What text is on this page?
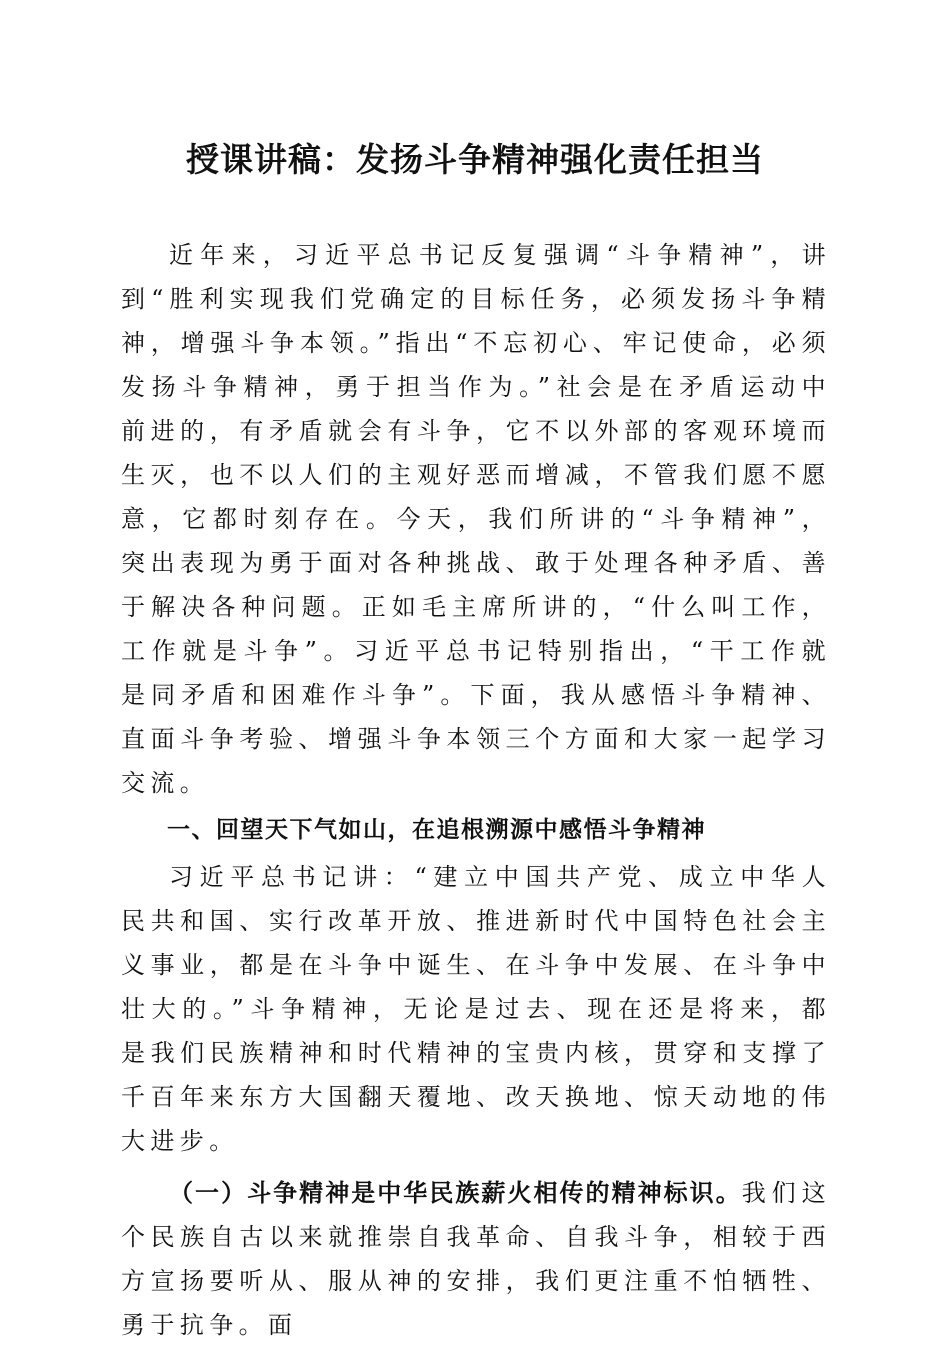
授课讲稿：发扬斗争精神强化责任担当

近年来，习近平总书记反复强调“斗争精神”，讲到“胜利实现我们党确定的目标任务，必须发扬斗争精神，增强斗争本领。”指出“不忘初心、牢记使命，必须发扬斗争精神，勇于担当作为。”社会是在矛盾运动中前进的，有矛盾就会有斗争，它不以外部的客观环境而生灭，也不以人们的主观好恶而增减，不管我们愿不愿意，它都时刻存在。今天，我们所讲的“斗争精神”，突出表现为勇于面对各种挑战、敢于处理各种矛盾、善于解决各种问题。正如毛主席所讲的，“什么叫工作，工作就是斗争”。习近平总书记特别指出，“干工作就是同矛盾和困难作斗争”。下面，我从感悟斗争精神、直面斗争考验、增强斗争本领三个方面和大家一起学习交流。

一、回望天下气如山，在追根溯源中感悟斗争精神

习近平总书记讲：“建立中国共产党、成立中华人民共和国、实行改革开放、推进新时代中国特色社会主义事业，都是在斗争中诞生、在斗争中发展、在斗争中壮大的。”斗争精神，无论是过去、现在还是将来，都是我们民族精神和时代精神的宝贵内核，贯穿和支撑了千百年来东方大国翻天覆地、改天换地、惊天动地的伟大进步。

（一）斗争精神是中华民族薪火相传的精神标识。我们这个民族自古以来就推崇自我革命、自我斗争，相较于西方宣扬要听从、服从神的安排，我们更注重不怕牺牲、勇于抗争。面
